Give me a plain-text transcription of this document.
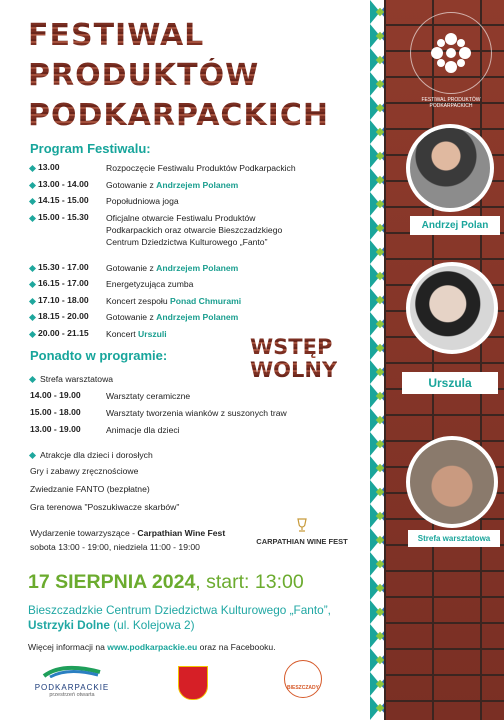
FESTIWAL
PRODUKTÓW
PODKARPACKICH
Program Festiwalu:
13.00	Rozpoczęcie Festiwalu Produktów Podkarpackich
13.00 - 14.00 Gotowanie z Andrzejem Polanem
14.15 - 15.00 Popołudniowa joga
15.00 - 15.30 Oficjalne otwarcie Festiwalu Produktów
Podkarpackich oraz otwarcie Bieszczadzkiego
Centrum Dziedzictwa Kulturowego „Fanto”
15.30 - 17.00 Gotowanie z Andrzejem Polanem
16.15 - 17.00 Energetyzująca zumba
17.10 - 18.00 Koncert zespołu Ponad Chmurami
18.15 - 20.00 Gotowanie z Andrzejem Polanem
20.00 - 21.15 Koncert Urszuli
Ponadto w programie:	WSTĘP
WOLNY
Strefa warsztatowa
14.00 - 19.00	Warsztaty ceramiczne
15.00 - 18.00	Warsztaty tworzenia wianków z suszonych traw
13.00 - 19.00	Animacje dla dzieci
Atrakcje dla dzieci i dorosłych
Gry i zabawy zręcznościowe
Zwiedzanie FANTO (bezpłatne)
Gra terenowa "Poszukiwacze skarbów"
Wydarzenie towarzyszące - Carpathian Wine Fest
sobota 13:00 - 19:00, niedziela 11:00 - 19:00
CARPATHIAN WINE FEST
17 SIERPNIA 2024, start: 13:00
Bieszczadzkie Centrum Dziedzictwa Kulturowego „Fanto”,
Ustrzyki Dolne (ul. Kolejowa 2)
Więcej informacji na www.podkarpackie.eu oraz na Facebooku.
PODKARPACKIE
przestrzeń otwarta
BIESZCZADY
FESTIWAL PRODUKTÓW PODKARPACKICH
Andrzej Polan
Urszula
Strefa warsztatowa
